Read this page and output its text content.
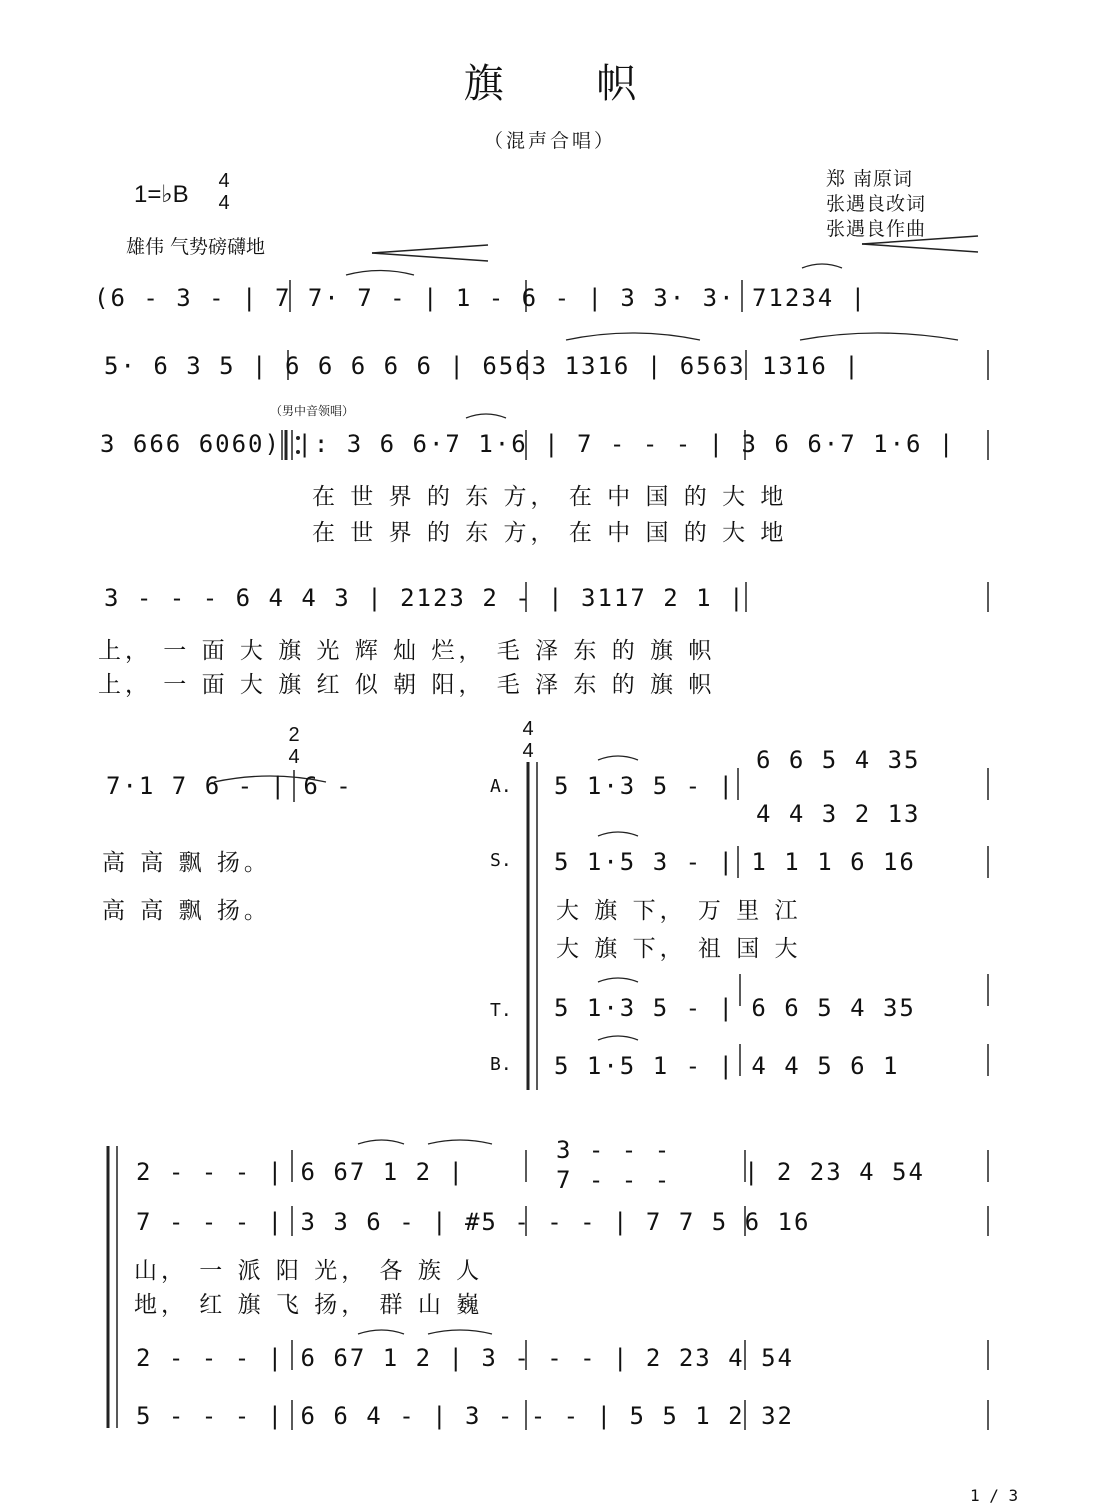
旗 帜
（混声合唱）
郑 南原词
张遇良改词
张遇良作曲
1=♭B	4
4
雄伟 气势磅礴地
(6 - 3 - | 7 7· 7 - | 1 - 6 - | 3 3· 3· 71234 |
5· 6 3 5 | 6 6 6 6 6 | 6563 1316 | 6563 1316 |
（男中音领唱）
3 666 6060) |: 3 6 6·7 1·6 | 7 - - - | 3 6 6·7 1·6 |
在 世 界 的 东 方， 在 中 国 的 大 地
在 世 界 的 东 方， 在 中 国 的 大 地
3 - - - 6 4 4 3 | 2123 2 - | 3117 2 1 |
上， 一 面 大 旗 光 辉 灿 烂， 毛 泽 东 的 旗 帜
上， 一 面 大 旗 红 似 朝 阳， 毛 泽 东 的 旗 帜
2
4
4
4
7·1 7 6 - | 6 -
高 高 飘 扬。
高 高 飘 扬。
A.
S.
T.
B.
5 1·3 5 - |
6 6 5 4 35
4 4 3 2 13
5 1·5 3 - | 1 1 1 6 16
大 旗 下， 万 里 江
大 旗 下， 祖 国 大
5 1·3 5 - | 6 6 5 4 35
5 1·5 1 - | 4 4 5 6 1
2 - - - | 6 67 1 2 |
3 - - -
7 - - -	| 2 23 4 54
7 - - - | 3 3 6 - | #5 - - - | 7 7 5 6 16
山， 一 派 阳 光， 各 族 人
地， 红 旗 飞 扬， 群 山 巍
2 - - - | 6 67 1 2 | 3 - - - | 2 23 4 54
5 - - - | 6 6 4 - | 3 - - - | 5 5 1 2 32
1 / 3
